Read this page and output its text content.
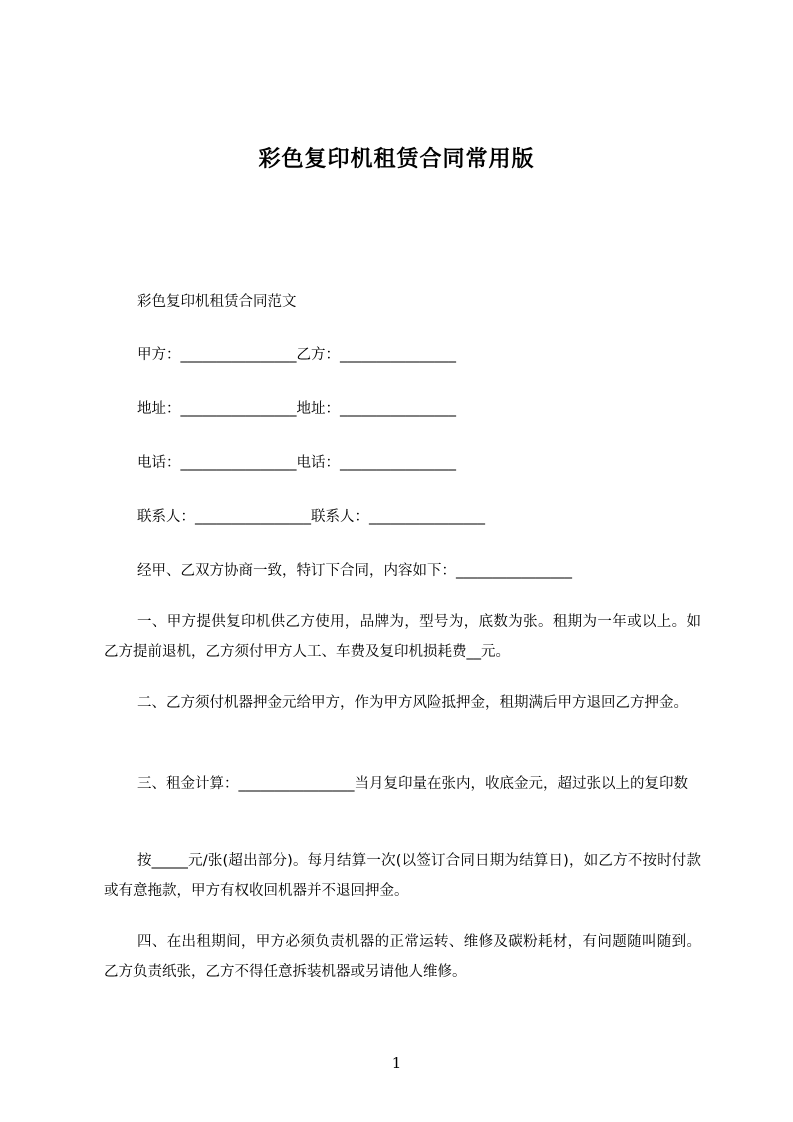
彩色复印机租赁合同常用版

彩色复印机租赁合同范文

甲方：________________乙方：________________

地址：________________地址：________________

电话：________________电话：________________

联系人：________________联系人：________________

经甲、乙双方协商一致，特订下合同，内容如下：________________

一、甲方提供复印机供乙方使用，品牌为，型号为，底数为张。租期为一年或以上。如乙方提前退机，乙方须付甲方人工、车费及复印机损耗费__元。

二、乙方须付机器押金元给甲方，作为甲方风险抵押金，租期满后甲方退回乙方押金。

三、租金计算：________________当月复印量在张内，收底金元，超过张以上的复印数

按_____元/张(超出部分)。每月结算一次(以签订合同日期为结算日)，如乙方不按时付款或有意拖款，甲方有权收回机器并不退回押金。

四、在出租期间，甲方必须负责机器的正常运转、维修及碳粉耗材，有问题随叫随到。乙方负责纸张，乙方不得任意拆装机器或另请他人维修。

1
